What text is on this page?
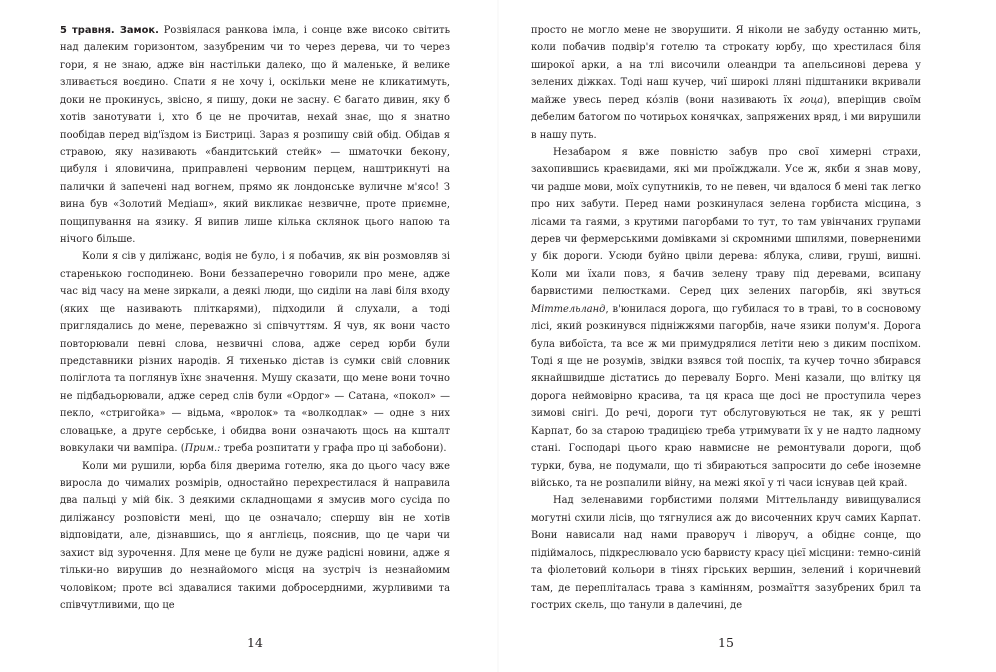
5 травня. Замок. Розвіялася ранкова імла, і сонце вже високо світить над далеким горизонтом, зазубреним чи то через дерева, чи то через гори, я не знаю, адже він настільки далеко, що й маленьке, й велике зливається воєдино. Спати я не хочу і, оскільки мене не кликатимуть, доки не прокинусь, звісно, я пишу, доки не засну. Є багато дивин, яку б хотів занотувати і, хто б це не прочитав, нехай знає, що я знатно пообідав перед від'їздом із Бистриці. Зараз я розпишу свій обід. Обідав я стравою, яку називають «бандитський стейк» — шматочки бекону, цибуля і яловичина, приправлені червоним перцем, наштрикнуті на палички й запечені над вогнем, прямо як лондонське вуличне м'ясо! З вина був «Золотий Медіаш», який викликає незвичне, проте приємне, пощипування на язику. Я випив лише кілька склянок цього напою та нічого більше.

Коли я сів у диліжанс, водія не було, і я побачив, як він розмовляв зі старенькою господинею. Вони беззаперечно говорили про мене, адже час від часу на мене зиркали, а деякі люди, що сиділи на лаві біля входу (яких ще називають пліткарями), підходили й слухали, а тоді приглядались до мене, переважно зі співчуттям. Я чув, як вони часто повторювали певні слова, незвичні слова, адже серед юрби були представники різних народів. Я тихенько дістав із сумки свій словник поліглота та поглянув їхнє значення. Мушу сказати, що мене вони точно не підбадьорювали, адже серед слів були «Ордог» — Сатана, «покол» — пекло, «стригойка» — відьма, «вролок» та «волкодлак» — одне з них словацьке, а друге сербське, і обидва вони означають щось на кшталт вовкулаки чи вампіра. (Прим.: треба розпитати у графа про ці забобони).

Коли ми рушили, юрба біля дверима готелю, яка до цього часу вже виросла до чималих розмірів, одностайно перехрестилася й направила два пальці у мій бік. З деякими складнощами я змусив мого сусіда по диліжансу розповісти мені, що це означало; спершу він не хотів відповідати, але, дізнавшись, що я англієць, пояснив, що це чари чи захист від зурочення. Для мене це були не дуже радісні новини, адже я тільки-но вирушив до незнайомого місця на зустріч із незнайомим чоловіком; проте всі здавалися такими добросердними, журливими та співчутливими, що це

14

просто не могло мене не зворушити. Я ніколи не забуду останню мить, коли побачив подвір'я готелю та строкату юрбу, що хрестилася біля широкої арки, а на тлі височили олеандри та апельсинові дерева у зелених діжках. Тоді наш кучер, чиї широкі лляні підштаники вкривали майже увесь перед ко́злів (вони називають їх гоца), вперіщив своїм дебелим батогом по чотирьох конячках, запряжених вряд, і ми вирушили в нашу путь.

Незабаром я вже повністю забув про свої химерні страхи, захопившись краєвидами, які ми проїжджали. Усе ж, якби я знав мову, чи радше мови, моїх супутників, то не певен, чи вдалося б мені так легко про них забути. Перед нами розкинулася зелена горбиста місцина, з лісами та гаями, з крутими пагорбами то тут, то там увінчаних групами дерев чи фермерськими домівками зі скромними шпилями, поверненими у бік дороги. Усюди буйно цвіли дерева: яблука, сливи, груші, вишні. Коли ми їхали повз, я бачив зелену траву під деревами, всипану барвистими пелюстками. Серед цих зелених пагорбів, які звуться Міттельланд, в'юнилася дорога, що губилася то в траві, то в сосновому лісі, який розкинувся підніжжями пагорбів, наче язики полум'я. Дорога була вибоїста, та все ж ми примудрялися летіти нею з диким поспіхом. Тоді я ще не розумів, звідки взявся той поспіх, та кучер точно збирався якнайшвидше дістатись до перевалу Борго. Мені казали, що влітку ця дорога неймовірно красива, та ця краса ще досі не проступила через зимові снігі. До речі, дороги тут обслуговуються не так, як у решті Карпат, бо за старою традицією треба утримувати їх у не надто ладному стані. Господарі цього краю навмисне не ремонтували дороги, щоб турки, бува, не подумали, що ті збираються запросити до себе іноземне військо, та не розпалили війну, на межі якої у ті часи існував цей край.

Над зеленавими горбистими полями Міттельланду вивищувалися могутні схили лісів, що тягнулися аж до височенних круч самих Карпат. Вони нависали над нами праворуч і ліворуч, а обіднє сонце, що підіймалось, підкреслювало усю барвисту красу цієї місцини: темно-синій та фіолетовий кольори в тінях гірських вершин, зелений і коричневий там, де перепліталась трава з камінням, розмаїття зазубрених брил та гострих скель, що танули в далечині, де

15
